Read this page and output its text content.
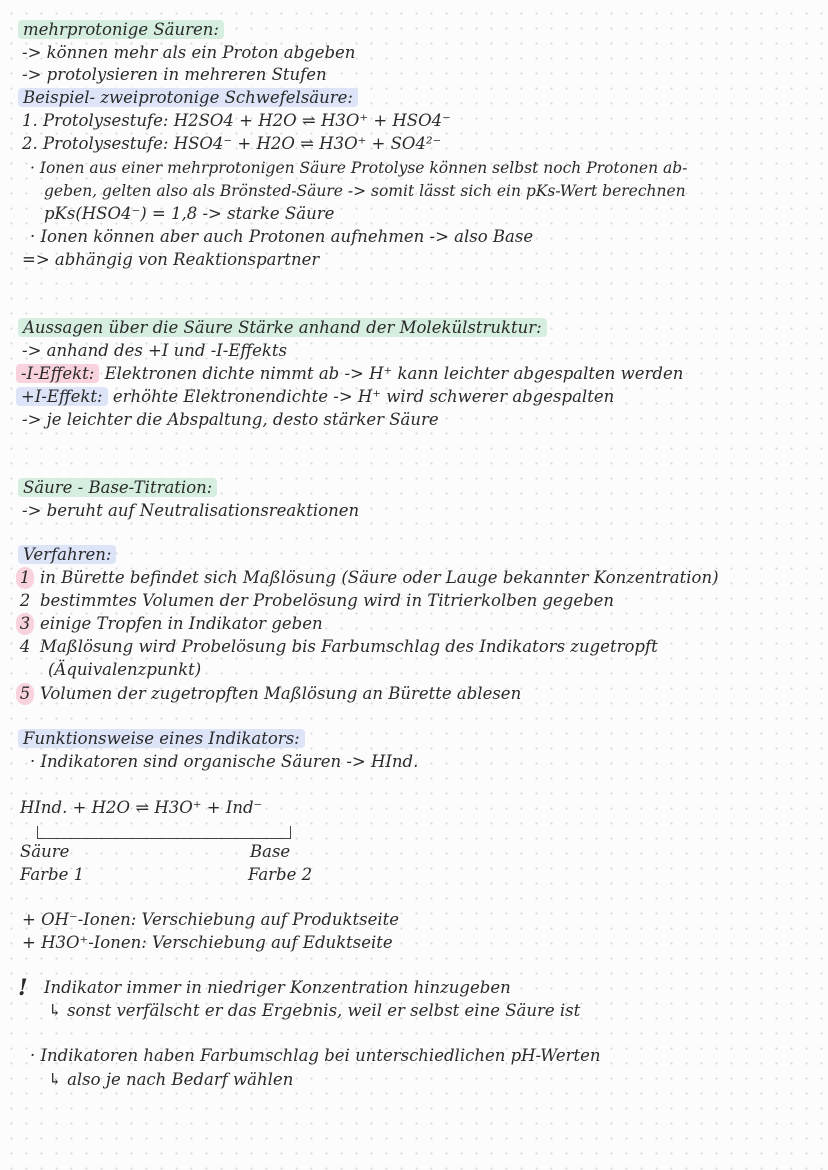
mehrprotonige Säuren:
-> können mehr als ein Proton abgeben
-> protolysieren in mehreren Stufen
Beispiel- zweiprotonige Schwefelsäure:
1. Protolysestufe: H2SO4 + H2O ⇌ H3O⁺ + HSO4⁻
2. Protolysestufe: HSO4⁻ + H2O ⇌ H3O⁺ + SO4²⁻
· Ionen aus einer mehrprotonigen Säure Protolyse können selbst noch Protonen ab-
geben, gelten also als Brönsted-Säure -> somit lässt sich ein pKs-Wert berechnen
pKs(HSO4⁻) = 1,8 -> starke Säure
· Ionen können aber auch Protonen aufnehmen -> also Base
=> abhängig von Reaktionspartner
Aussagen über die Säure Stärke anhand der Molekülstruktur:
-> anhand des +I und -I-Effekts
-I-Effekt: Elektronen dichte nimmt ab -> H⁺ kann leichter abgespalten werden
+I-Effekt: erhöhte Elektronendichte -> H⁺ wird schwerer abgespalten
-> je leichter die Abspaltung, desto stärker Säure
Säure - Base-Titration:
-> beruht auf Neutralisationsreaktionen
Verfahren:
1 in Bürette befindet sich Maßlösung (Säure oder Lauge bekannter Konzentration)
2 bestimmtes Volumen der Probelösung wird in Titrierkolben gegeben
3 einige Tropfen in Indikator geben
4 Maßlösung wird Probelösung bis Farbumschlag des Indikators zugetropft
(Äquivalenzpunkt)
5 Volumen der zugetropften Maßlösung an Bürette ablesen
Funktionsweise eines Indikators:
· Indikatoren sind organische Säuren -> HInd.
HInd. + H2O ⇌ H3O⁺ + Ind⁻
Säure
Farbe 1
Base
Farbe 2
+ OH⁻-Ionen: Verschiebung auf Produktseite
+ H3O⁺-Ionen: Verschiebung auf Eduktseite
! Indikator immer in niedriger Konzentration hinzugeben
↳ sonst verfälscht er das Ergebnis, weil er selbst eine Säure ist
· Indikatoren haben Farbumschlag bei unterschiedlichen pH-Werten
↳ also je nach Bedarf wählen
